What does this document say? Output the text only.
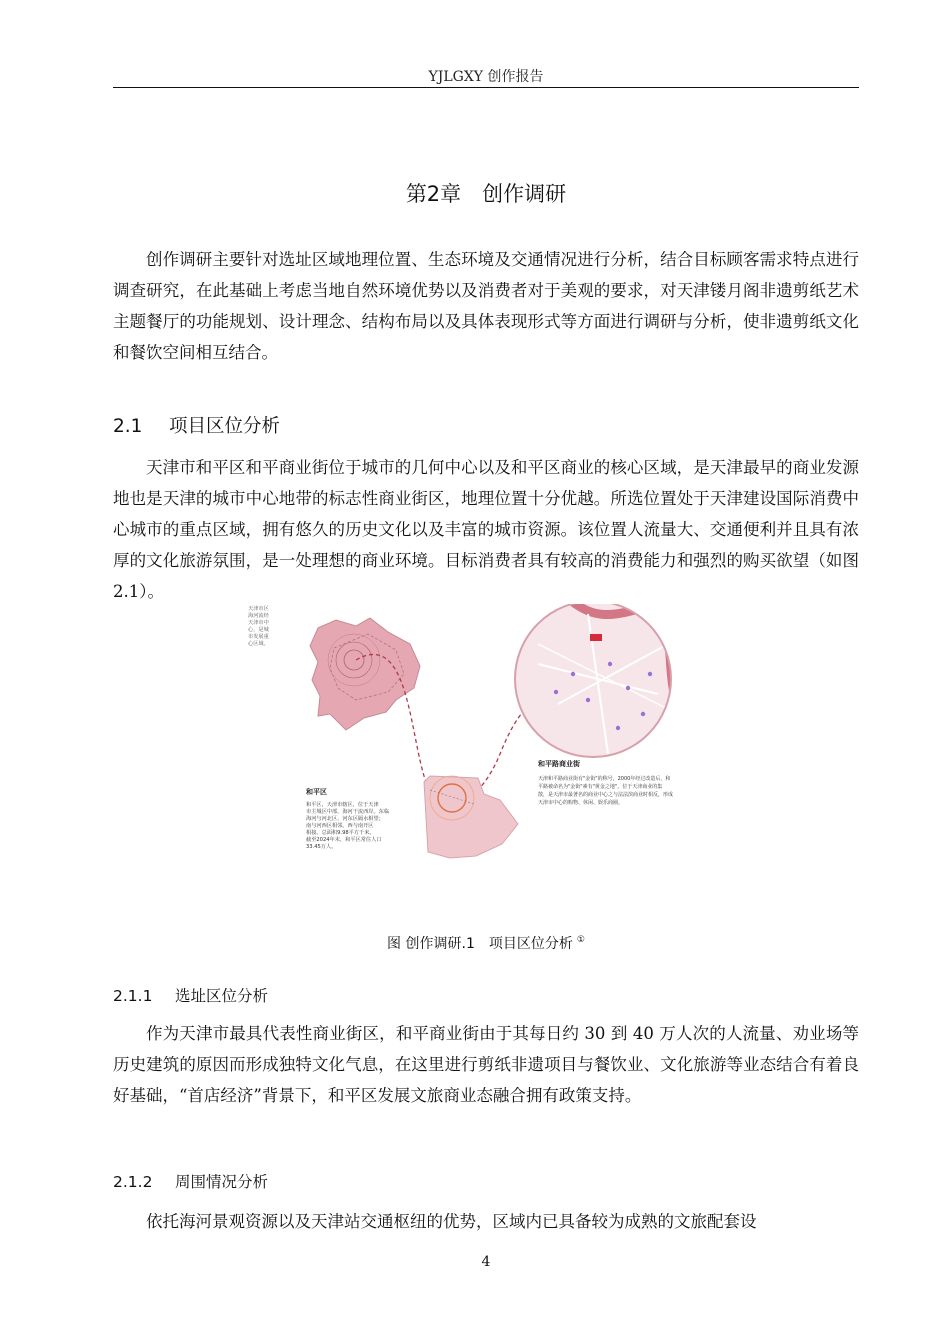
YJLGXY 创作报告
第2章　创作调研

创作调研主要针对选址区域地理位置、生态环境及交通情况进行分析，结合目标顾客需求特点进行调查研究，在此基础上考虑当地自然环境优势以及消费者对于美观的要求，对天津镂月阁非遗剪纸艺术主题餐厅的功能规划、设计理念、结构布局以及具体表现形式等方面进行调研与分析，使非遗剪纸文化和餐饮空间相互结合。

2.1 项目区位分析

天津市和平区和平商业街位于城市的几何中心以及和平区商业的核心区域，是天津最早的商业发源地也是天津的城市中心地带的标志性商业街区，地理位置十分优越。所选位置处于天津建设国际消费中心城市的重点区域，拥有悠久的历史文化以及丰富的城市资源。该位置人流量大、交通便利并且具有浓厚的文化旅游氛围，是一处理想的商业环境。目标消费者具有较高的消费能力和强烈的购买欲望（如图 2.1）。

天津市区
海河流经
天津市中
心，是城
市发展重
心区域。
和平区
和平区，天津市辖区，位于天津
市主城区中部，海河干流西岸。东临
海河与河北区、河东区隔水相望；
南与河西区相邻。西与南开区
相接。总面积9.98平方千米。
截至2024年末，和平区常住人口
33.45万人。
和平路商业街
天津和平路商业街有"金街"的称号，2000年经过改造后，和
平路被命名为"金街"素有"黄金之地"。位于天津商业的集
散，是天津市最著名的商业中心之与法法滨商业时相反，形成
天津市中心的购物、休闲、娱乐商圈。
图 创作调研.1　项目区位分析 ①
2.1.1 选址区位分析

作为天津市最具代表性商业街区，和平商业街由于其每日约 30 到 40 万人次的人流量、劝业场等历史建筑的原因而形成独特文化气息，在这里进行剪纸非遗项目与餐饮业、文化旅游等业态结合有着良好基础，“首店经济”背景下，和平区发展文旅商业态融合拥有政策支持。

2.1.2 周围情况分析

依托海河景观资源以及天津站交通枢纽的优势，区域内已具备较为成熟的文旅配套设

4
